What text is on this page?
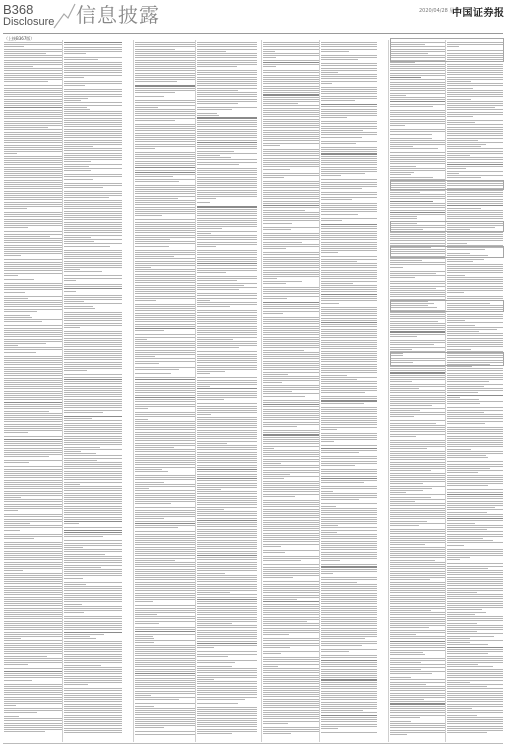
B368
Disclosure 信息披露	2020/04/28 星期二
中国证券报
（上接B367版）
